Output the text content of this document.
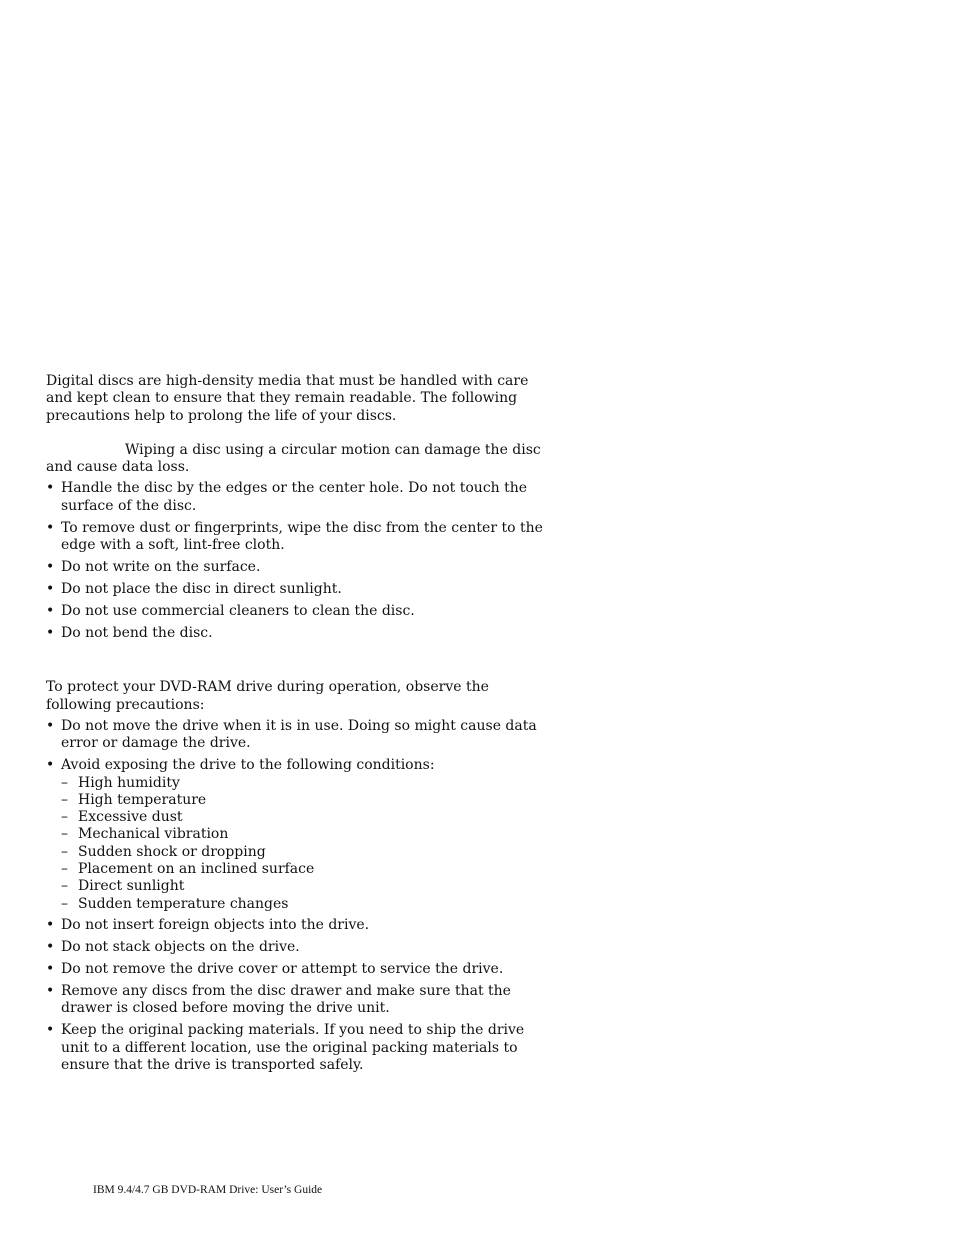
Digital discs are high-density media that must be handled with care and kept clean to ensure that they remain readable. The following precautions help to prolong the life of your discs.

Wiping a disc using a circular motion can damage the disc and cause data loss.

• Handle the disc by the edges or the center hole. Do not touch the surface of the disc.
• To remove dust or fingerprints, wipe the disc from the center to the edge with a soft, lint-free cloth.
• Do not write on the surface.
• Do not place the disc in direct sunlight.
• Do not use commercial cleaners to clean the disc.
• Do not bend the disc.

To protect your DVD-RAM drive during operation, observe the following precautions:

• Do not move the drive when it is in use. Doing so might cause data error or damage the drive.
• Avoid exposing the drive to the following conditions:
– High humidity
– High temperature
– Excessive dust
– Mechanical vibration
– Sudden shock or dropping
– Placement on an inclined surface
– Direct sunlight
– Sudden temperature changes
• Do not insert foreign objects into the drive.
• Do not stack objects on the drive.
• Do not remove the drive cover or attempt to service the drive.
• Remove any discs from the disc drawer and make sure that the drawer is closed before moving the drive unit.
• Keep the original packing materials. If you need to ship the drive unit to a different location, use the original packing materials to ensure that the drive is transported safely.
IBM 9.4/4.7 GB DVD-RAM Drive: User’s Guide
